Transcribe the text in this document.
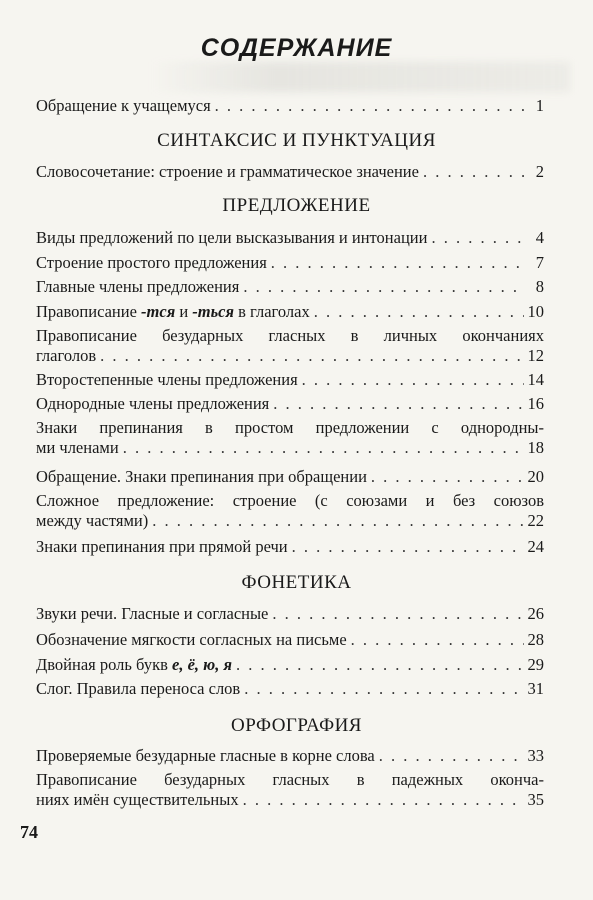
СОДЕРЖАНИЕ
Обращение к учащемуся . . .	1
СИНТАКСИС И ПУНКТУАЦИЯ
Словосочетание: строение и грамматическое значение . . .	2
ПРЕДЛОЖЕНИЕ
Виды предложений по цели высказывания и интонации . . .	4
Строение простого предложения . . .	7
Главные члены предложения . . .	8
Правописание -тся и -ться в глаголах . . .	10
Правописание безударных гласных в личных окончаниях
глаголов . . .	12
Второстепенные члены предложения . . .	14
Однородные члены предложения . . .	16
Знаки препинания в простом предложении с однородны-
ми членами . . .	18
Обращение. Знаки препинания при обращении . . .	20
Сложное предложение: строение (с союзами и без союзов
между частями) . . .	22
Знаки препинания при прямой речи . . .	24
ФОНЕТИКА
Звуки речи. Гласные и согласные . . .	26
Обозначение мягкости согласных на письме . . .	28
Двойная роль букв е, ё, ю, я . . .	29
Слог. Правила переноса слов . . .	31
ОРФОГРАФИЯ
Проверяемые безударные гласные в корне слова . . .	33
Правописание безударных гласных в падежных оконча-
ниях имён существительных . . .	35
74
